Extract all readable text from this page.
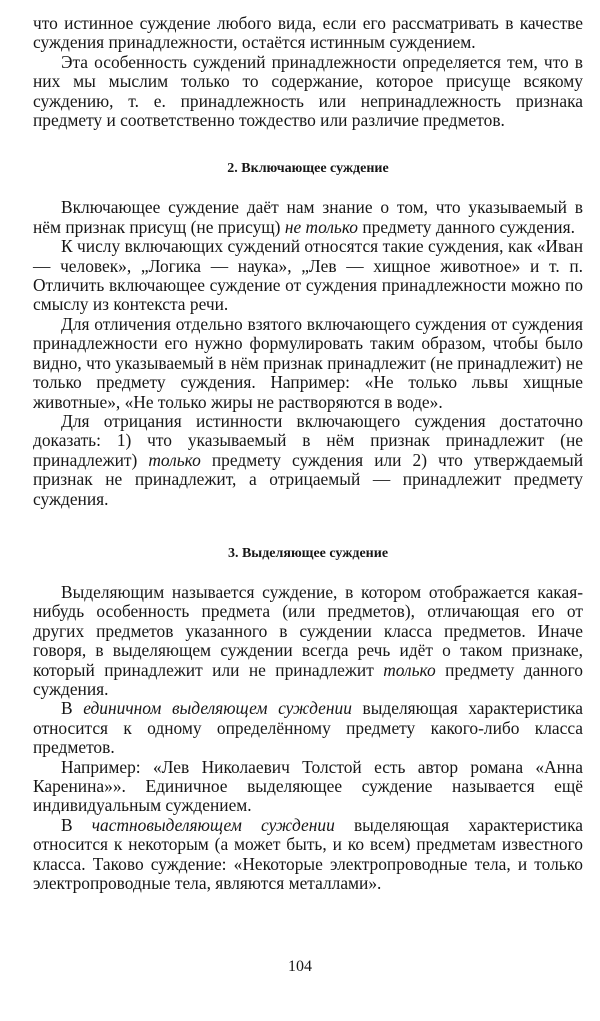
что истинное суждение любого вида, если его рассматривать в качестве суждения принадлежности, остаётся истинным суждением.

Эта особенность суждений принадлежности определяется тем, что в них мы мыслим только то содержание, которое присуще всякому суждению, т. е. принадлежность или непринадлежность признака предмету и соответственно тождество или различие предметов.

2. Включающее суждение

Включающее суждение даёт нам знание о том, что указываемый в нём признак присущ (не присущ) не только предмету данного суждения.

К числу включающих суждений относятся такие суждения, как «Иван — человек», „Логика — наука», „Лев — хищное животное» и т. п. Отличить включающее суждение от суждения принадлежности можно по смыслу из контекста речи.

Для отличения отдельно взятого включающего суждения от суждения принадлежности его нужно формулировать таким образом, чтобы было видно, что указываемый в нём признак принадлежит (не принадлежит) не только предмету суждения. Например: «Не только львы хищные животные», «Не только жиры не растворяются в воде».

Для отрицания истинности включающего суждения достаточно доказать: 1) что указываемый в нём признак принадлежит (не принадлежит) только предмету суждения или 2) что утверждаемый признак не принадлежит, а отрицаемый — принадлежит предмету суждения.

3. Выделяющее суждение

Выделяющим называется суждение, в котором отображается какая-нибудь особенность предмета (или предметов), отличающая его от других предметов указанного в суждении класса предметов. Иначе говоря, в выделяющем суждении всегда речь идёт о таком признаке, который принадлежит или не принадлежит только предмету данного суждения.

В единичном выделяющем суждении выделяющая характеристика относится к одному определённому предмету какого-либо класса предметов.

Например: «Лев Николаевич Толстой есть автор романа «Анна Каренина»». Единичное выделяющее суждение называется ещё индивидуальным суждением.

В частновыделяющем суждении выделяющая характеристика относится к некоторым (а может быть, и ко всем) предметам известного класса. Таково суждение: «Некоторые электропроводные тела, и только электропроводные тела, являются металлами».

104
